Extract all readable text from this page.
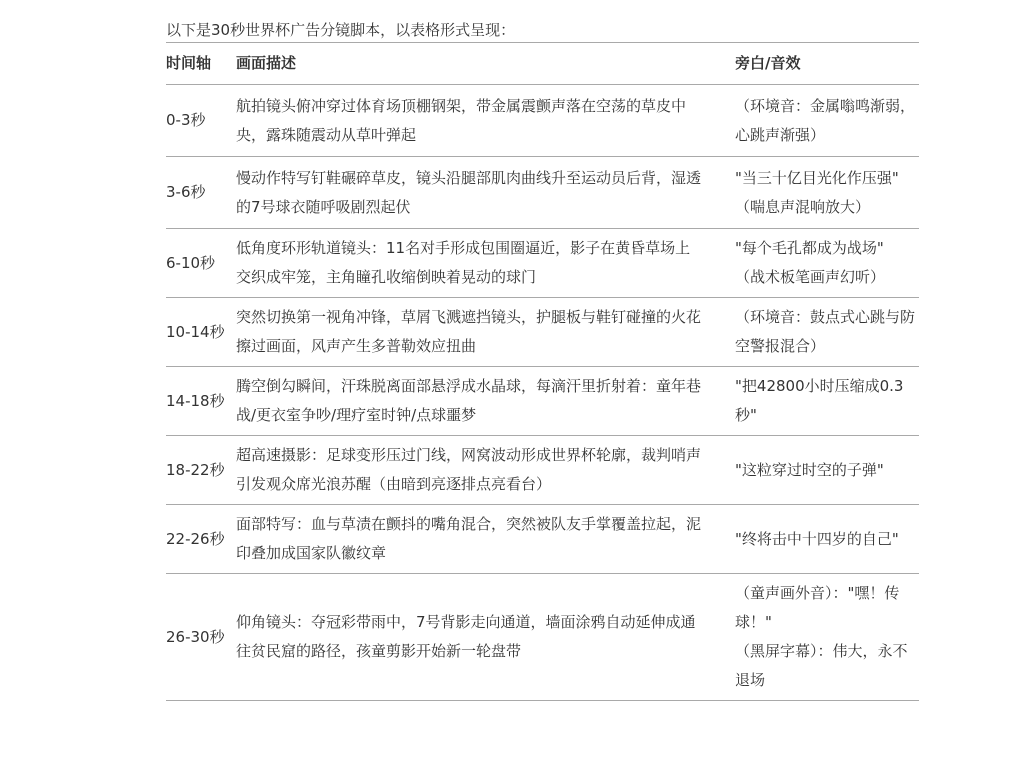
以下是30秒世界杯广告分镜脚本，以表格形式呈现：

时间轴	画面描述	旁白/音效
0-3秒	航拍镜头俯冲穿过体育场顶棚钢架，带金属震颤声落在空荡的草皮中央，露珠随震动从草叶弹起	（环境音：金属嗡鸣渐弱，心跳声渐强）

3-6秒	慢动作特写钉鞋碾碎草皮，镜头沿腿部肌肉曲线升至运动员后背，湿透的7号球衣随呼吸剧烈起伏	"当三十亿目光化作压强"
（喘息声混响放大）

6-10秒	低角度环形轨道镜头：11名对手形成包围圈逼近，影子在黄昏草场上交织成牢笼，主角瞳孔收缩倒映着晃动的球门	"每个毛孔都成为战场"
（战术板笔画声幻听）

10-14秒	突然切换第一视角冲锋，草屑飞溅遮挡镜头，护腿板与鞋钉碰撞的火花擦过画面，风声产生多普勒效应扭曲	（环境音：鼓点式心跳与防空警报混合）

14-18秒	腾空倒勾瞬间，汗珠脱离面部悬浮成水晶球，每滴汗里折射着：童年巷战/更衣室争吵/理疗室时钟/点球噩梦	"把42800小时压缩成0.3秒"

18-22秒	超高速摄影：足球变形压过门线，网窝波动形成世界杯轮廓，裁判哨声引发观众席光浪苏醒（由暗到亮逐排点亮看台）	"这粒穿过时空的子弹"

22-26秒	面部特写：血与草渍在颤抖的嘴角混合，突然被队友手掌覆盖拉起，泥印叠加成国家队徽纹章	"终将击中十四岁的自己"

26-30秒	仰角镜头：夺冠彩带雨中，7号背影走向通道，墙面涂鸦自动延伸成通往贫民窟的路径，孩童剪影开始新一轮盘带	（童声画外音）："嘿！传球！"
（黑屏字幕）：伟大，永不退场
